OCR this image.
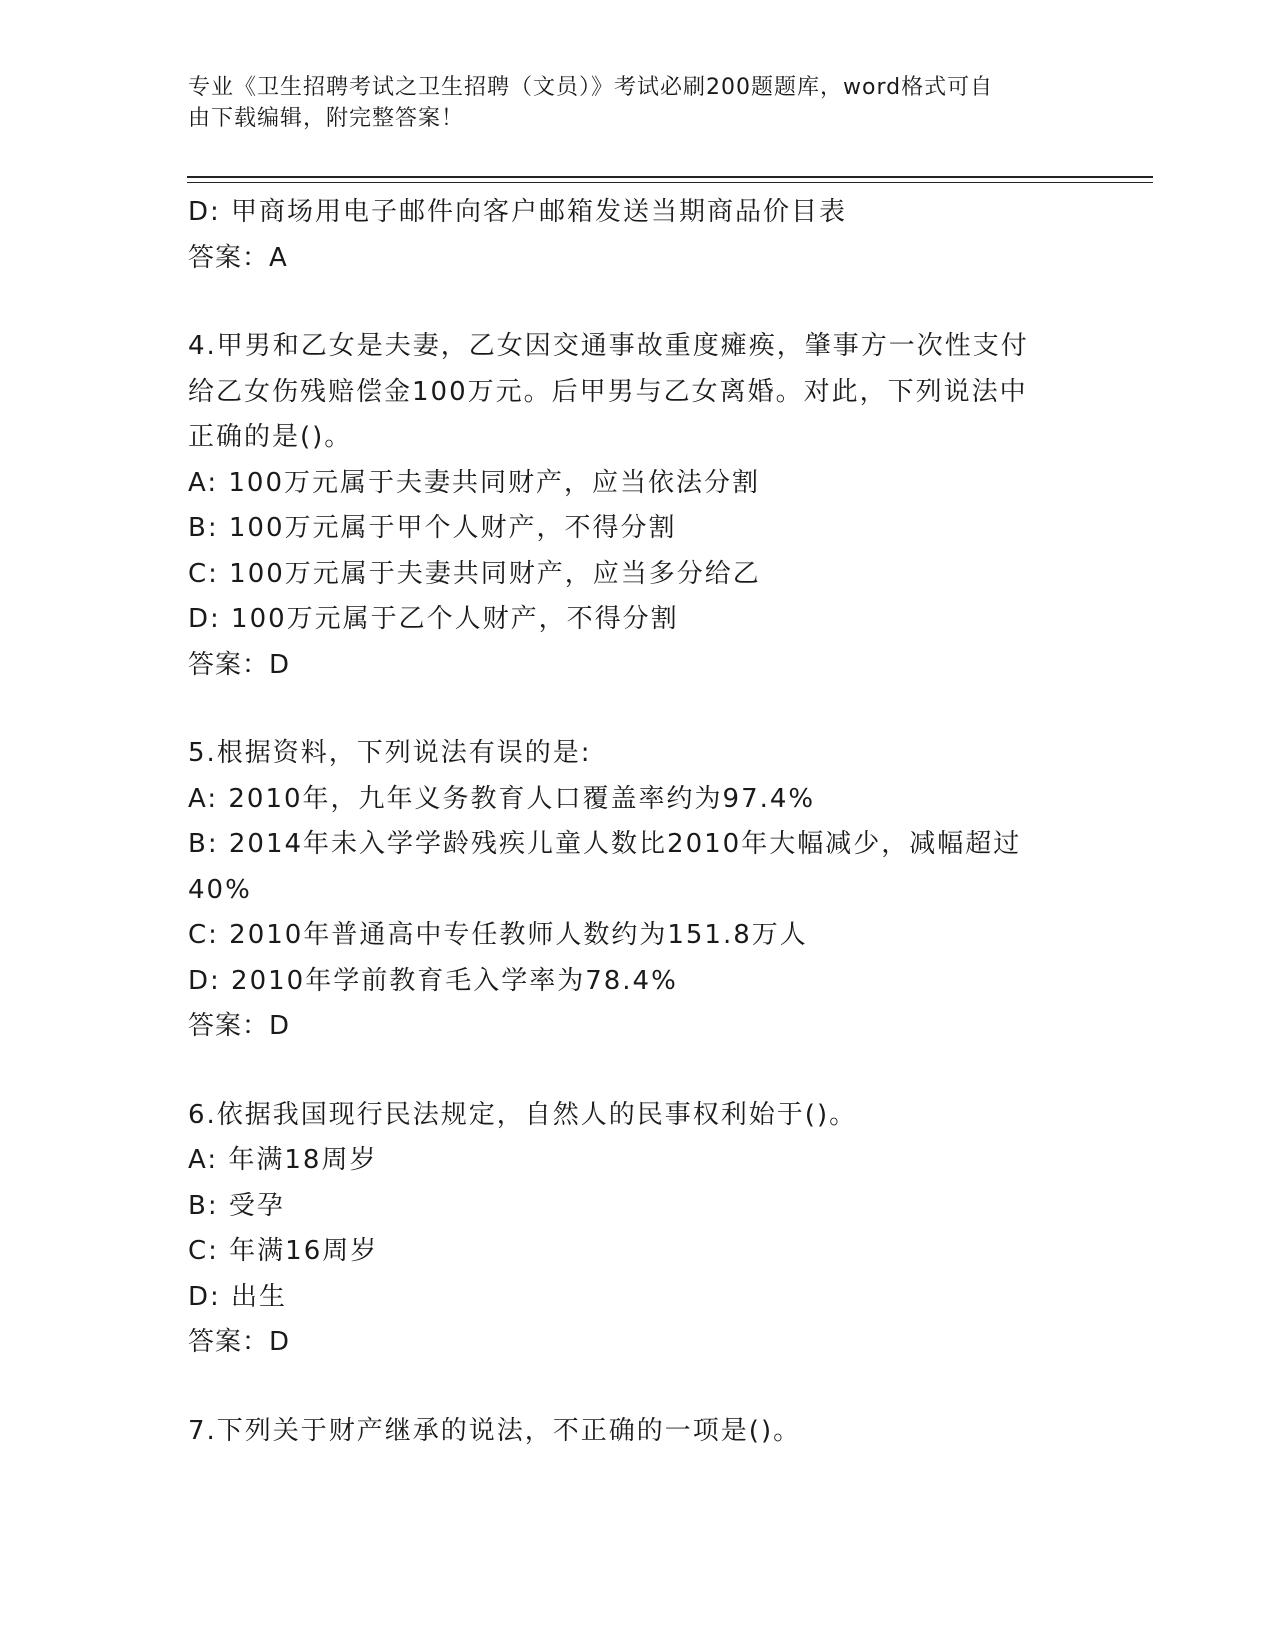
专业《卫生招聘考试之卫生招聘（文员）》考试必刷200题题库，word格式可自
由下载编辑，附完整答案！
D: 甲商场用电子邮件向客户邮箱发送当期商品价目表
答案：A
4.甲男和乙女是夫妻，乙女因交通事故重度瘫痪，肇事方一次性支付
给乙女伤残赔偿金100万元。后甲男与乙女离婚。对此，下列说法中
正确的是()。
A: 100万元属于夫妻共同财产，应当依法分割
B: 100万元属于甲个人财产，不得分割
C: 100万元属于夫妻共同财产，应当多分给乙
D: 100万元属于乙个人财产，不得分割
答案：D
5.根据资料，下列说法有误的是:
A: 2010年，九年义务教育人口覆盖率约为97.4%
B: 2014年未入学学龄残疾儿童人数比2010年大幅减少，减幅超过
40%
C: 2010年普通高中专任教师人数约为151.8万人
D: 2010年学前教育毛入学率为78.4%
答案：D
6.依据我国现行民法规定，自然人的民事权利始于()。
A: 年满18周岁
B: 受孕
C: 年满16周岁
D: 出生
答案：D
7.下列关于财产继承的说法，不正确的一项是()。
